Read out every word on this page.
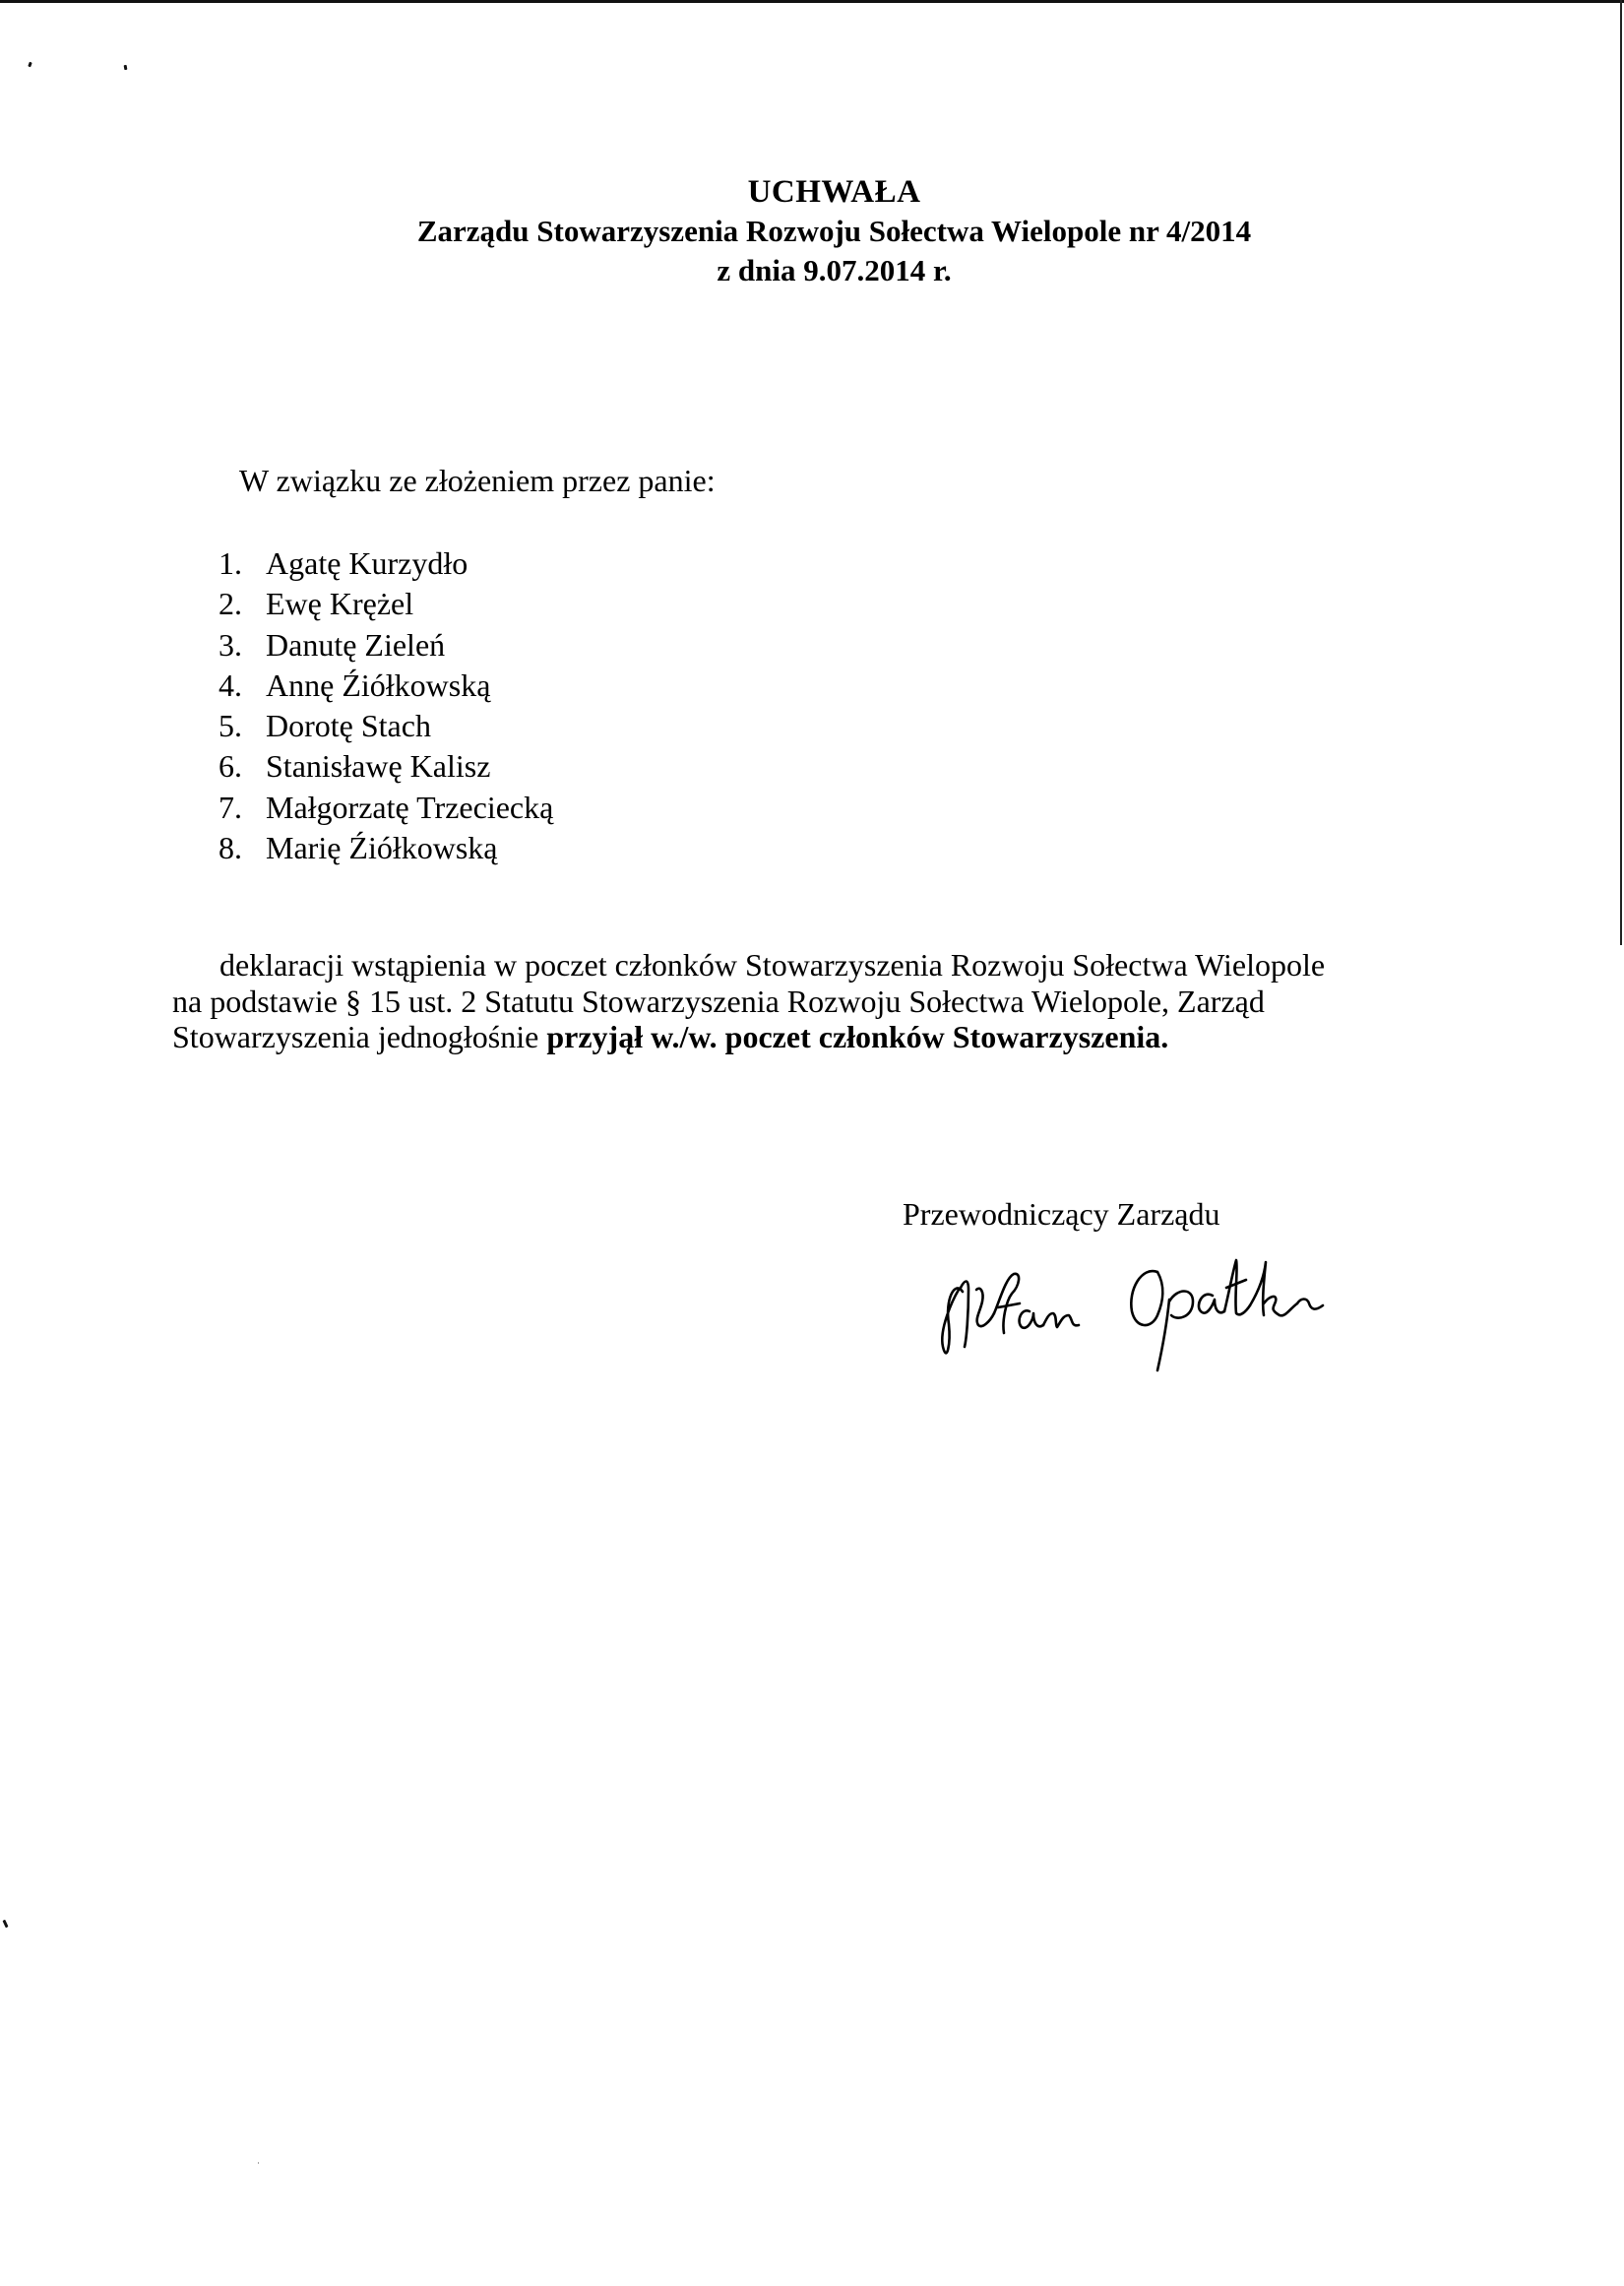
UCHWAŁA
Zarządu Stowarzyszenia Rozwoju Sołectwa Wielopole nr 4/2014
z dnia 9.07.2014 r.
W związku ze złożeniem przez panie:
1. Agatę Kurzydło
2. Ewę Krężel
3. Danutę Zieleń
4. Annę Źiółkowską
5. Dorotę Stach
6. Stanisławę Kalisz
7. Małgorzatę Trzeciecką
8. Marię Źiółkowską
deklaracji wstąpienia w poczet członków Stowarzyszenia Rozwoju Sołectwa Wielopole
na podstawie § 15 ust. 2 Statutu Stowarzyszenia Rozwoju Sołectwa Wielopole, Zarząd
Stowarzyszenia jednogłośnie przyjął w./w. poczet członków Stowarzyszenia.
Przewodniczący Zarządu
